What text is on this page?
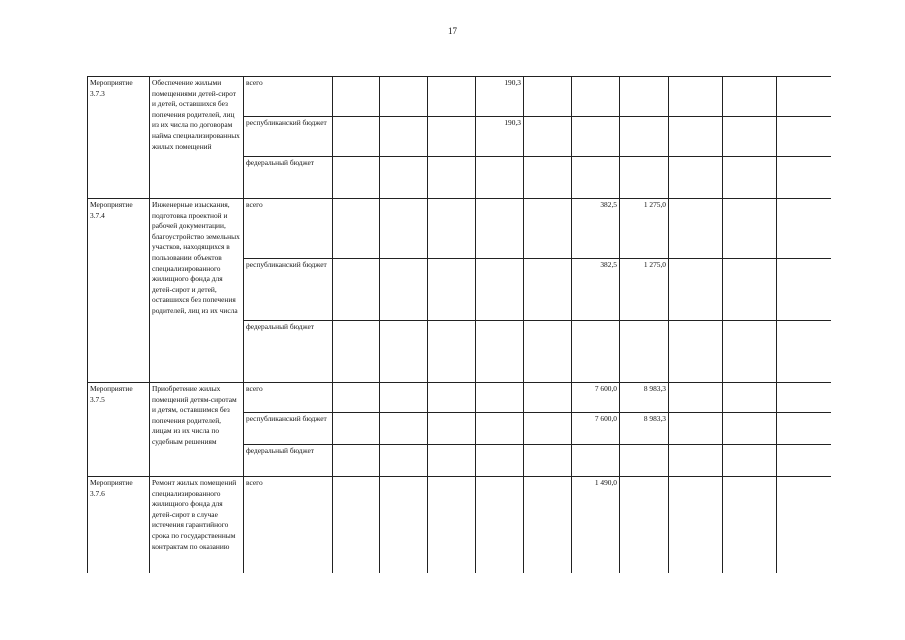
17
Мероприятие 3.7.3	Обеспечение жилыми помещениями детей-сирот и детей, оставшихся без попечения родителей, лиц из их числа по договорам найма специализированных жилых помещений	всего				190,3						
		республиканский бюджет				190,3						
		федеральный бюджет										
Мероприятие 3.7.4	Инженерные изыскания, подготовка проектной и рабочей документации, благоустройство земельных участков, находящихся в пользовании объектов специализированного жилищного фонда для детей-сирот и детей, оставшихся без попечения родителей, лиц из их числа	всего						382,5	1 275,0			
		республиканский бюджет						382,5	1 275,0			
		федеральный бюджет										
Мероприятие 3.7.5	Приобретение жилых помещений детям-сиротам и детям, оставшимся без попечения родителей, лицам из их числа по судебным решениям	всего						7 600,0	8 983,3			
		республиканский бюджет						7 600,0	8 983,3			
		федеральный бюджет										
Мероприятие 3.7.6	Ремонт жилых помещений специализированного жилищного фонда для детей-сирот в случае истечения гарантийного срока по государственным контрактам по оказанию	всего						1 490,0				
